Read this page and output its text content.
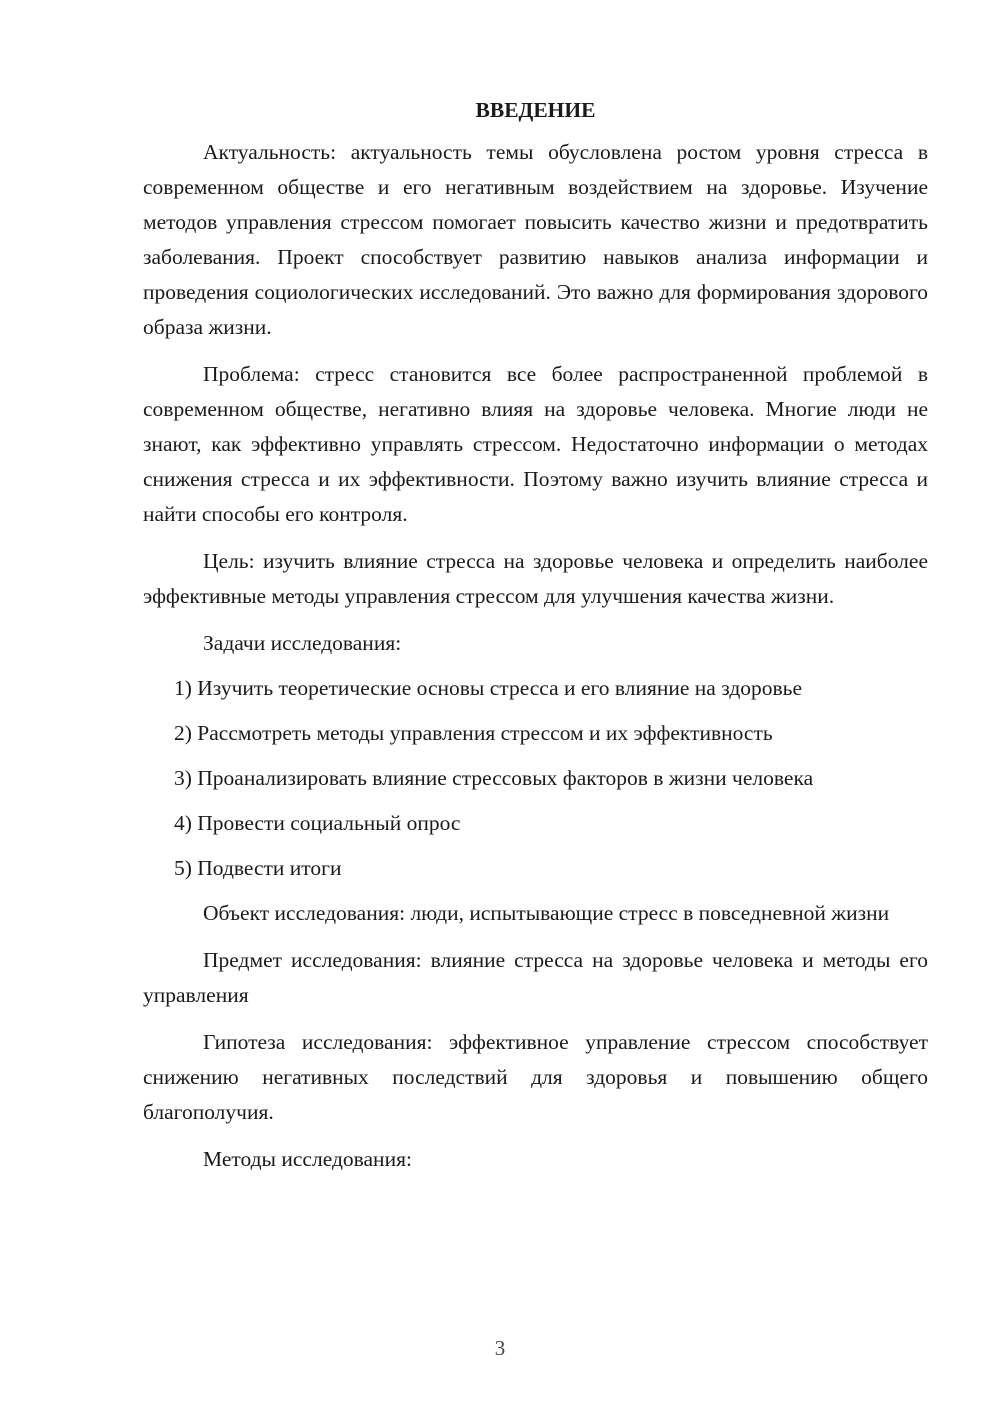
ВВЕДЕНИЕ

Актуальность: актуальность темы обусловлена ростом уровня стресса в современном обществе и его негативным воздействием на здоровье. Изучение методов управления стрессом помогает повысить качество жизни и предотвратить заболевания. Проект способствует развитию навыков анализа информации и проведения социологических исследований. Это важно для формирования здорового образа жизни.

Проблема: стресс становится все более распространенной проблемой в современном обществе, негативно влияя на здоровье человека. Многие люди не знают, как эффективно управлять стрессом. Недостаточно информации о методах снижения стресса и их эффективности. Поэтому важно изучить влияние стресса и найти способы его контроля.

Цель: изучить влияние стресса на здоровье человека и определить наиболее эффективные методы управления стрессом для улучшения качества жизни.

Задачи исследования:

1) Изучить теоретические основы стресса и его влияние на здоровье
2) Рассмотреть методы управления стрессом и их эффективность
3) Проанализировать влияние стрессовых факторов в жизни человека
4) Провести социальный опрос
5) Подвести итоги

Объект исследования: люди, испытывающие стресс в повседневной жизни

Предмет исследования: влияние стресса на здоровье человека и методы его управления

Гипотеза исследования: эффективное управление стрессом способствует снижению негативных последствий для здоровья и повышению общего благополучия.

Методы исследования:

3
